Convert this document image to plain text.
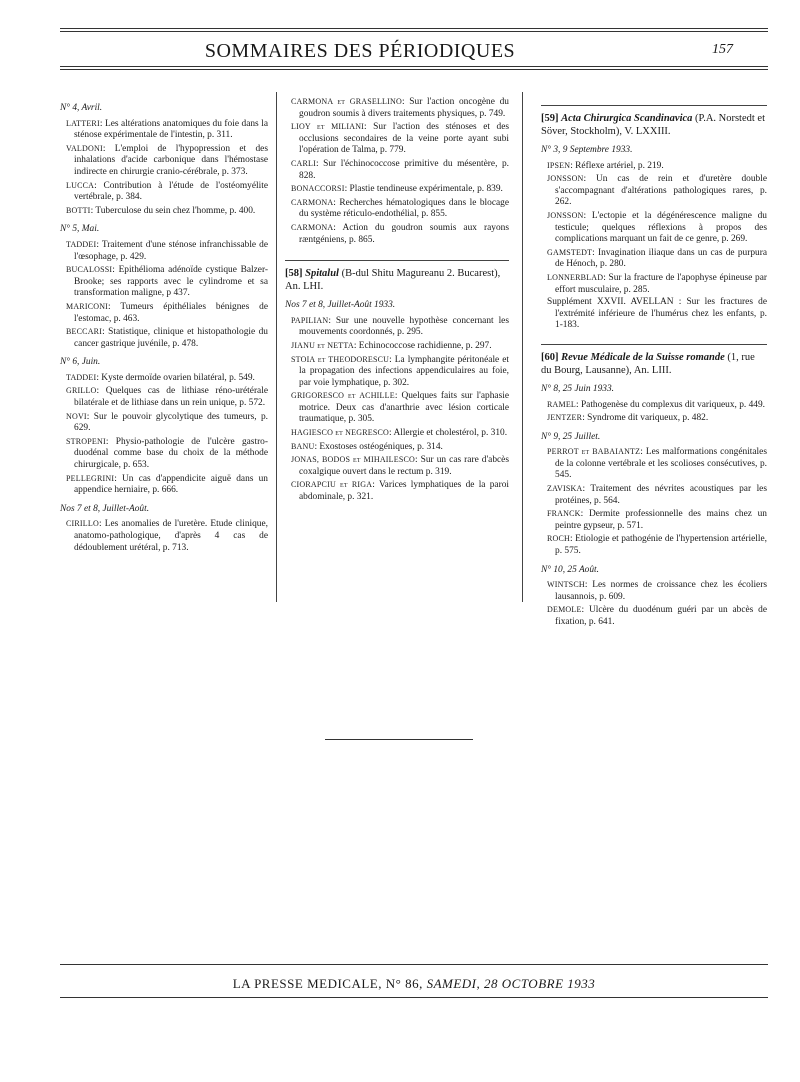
SOMMAIRES DES PÉRIODIQUES	157
N° 4, Avril.
LATTERI: Les altérations anatomiques du foie dans la sténose expérimentale de l'intestin, p. 311.
VALDONI: L'emploi de l'hypopression et des inhalations d'acide carbonique dans l'hémostase indirecte en chirurgie cranio-cérébrale, p. 373.
LUCCA: Contribution à l'étude de l'ostéomyélite vertébrale, p. 384.
BOTTI: Tuberculose du sein chez l'homme, p. 400.
N° 5, Mai.
TADDEI: Traitement d'une sténose infranchissable de l'œsophage, p. 429.
BUCALOSSI: Epithélioma adénoïde cystique Balzer-Brooke; ses rapports avec le cylindrome et sa transformation maligne, p 437.
MARICONI: Tumeurs épithéliales bénignes de l'estomac, p. 463.
BECCARI: Statistique, clinique et histopathologie du cancer gastrique juvénile, p. 478.
N° 6, Juin.
TADDEI: Kyste dermoïde ovarien bilatéral, p. 549.
GRILLO: Quelques cas de lithiase réno-urétérale bilatérale et de lithiase dans un rein unique, p. 572.
NOVI: Sur le pouvoir glycolytique des tumeurs, p. 629.
STROPENI: Physio-pathologie de l'ulcère gastro-duodénal comme base du choix de la méthode chirurgicale, p. 653.
PELLEGRINI: Un cas d'appendicite aiguë dans un appendice herniaire, p. 666.
Nos 7 et 8, Juillet-Août.
CIRILLO: Les anomalies de l'uretère. Etude clinique, anatomo-pathologique, d'après 4 cas de dédoublement urétéral, p. 713.
CARMONA et GRASELLINO: Sur l'action oncogène du goudron soumis à divers traitements physiques, p. 749.
LIOY et MILIANI: Sur l'action des sténoses et des occlusions secondaires de la veine porte ayant subi l'opération de Talma, p. 779.
CARLI: Sur l'échinococcose primitive du mésentère, p. 828.
BONACCORSI: Plastie tendineuse expérimentale, p. 839.
CARMONA: Recherches hématologiques dans le blocage du système réticulo-endothélial, p. 855.
CARMONA: Action du goudron soumis aux rayons ræntgéniens, p. 865.
[58] Spitalul (B-dul Shitu Magureanu 2. Bucarest), An. LHI.
Nos 7 et 8, Juillet-Août 1933.
PAPILIAN: Sur une nouvelle hypothèse concernant les mouvements coordonnés, p. 295.
JIANU et NETTA: Echinococcose rachidienne, p. 297.
STOIA et THEODORESCU: La lymphangite péritonéale et la propagation des infections appendiculaires au foie, par voie lymphatique, p. 302.
GRIGORESCO et ACHILLE: Quelques faits sur l'aphasie motrice. Deux cas d'anarthrie avec lésion corticale traumatique, p. 305.
HAGIESCO et NEGRESCO: Allergie et cholestérol, p. 310.
BANU: Exostoses ostéogéniques, p. 314.
JONAS, BODOS et MIHAILESCO: Sur un cas rare d'abcès coxalgique ouvert dans le rectum p. 319.
CIORAPCIU et RIGA: Varices lymphatiques de la paroi abdominale, p. 321.
[59] Acta Chirurgica Scandinavica (P.A. Norstedt et Söver, Stockholm), V. LXXIII.
N° 3, 9 Septembre 1933.
IPSEN: Réflexe artériel, p. 219.
JONSSON: Un cas de rein et d'uretère double s'accompagnant d'altérations pathologiques rares, p. 262.
JONSSON: L'ectopie et la dégénérescence maligne du testicule; quelques réflexions à propos des complications marquant un fait de ce genre, p. 269.
GAMSTEDT: Invagination iliaque dans un cas de purpura de Hénoch, p. 280.
LONNERBLAD: Sur la fracture de l'apophyse épineuse par effort musculaire, p. 285.
Supplément XXVII. AVELLAN : Sur les fractures de l'extrémité inférieure de l'humérus chez les enfants, p. 1-183.
[60] Revue Médicale de la Suisse romande (1, rue du Bourg, Lausanne), An. LIII.
N° 8, 25 Juin 1933.
RAMEL: Pathogenèse du complexus dit variqueux, p. 449.
JENTZER: Syndrome dit variqueux, p. 482.
N° 9, 25 Juillet.
PERROT et BABAIANTZ: Les malformations congénitales de la colonne vertébrale et les scolioses consécutives, p. 545.
ZAVISKA: Traitement des névrites acoustiques par les protéines, p. 564.
FRANCK: Dermite professionnelle des mains chez un peintre gypseur, p. 571.
ROCH: Etiologie et pathogénie de l'hypertension artérielle, p. 575.
N° 10, 25 Août.
WINTSCH: Les normes de croissance chez les écoliers lausannois, p. 609.
DEMOLE: Ulcère du duodénum guéri par un abcès de fixation, p. 641.
LA PRESSE MEDICALE, N° 86, SAMEDI, 28 OCTOBRE 1933
